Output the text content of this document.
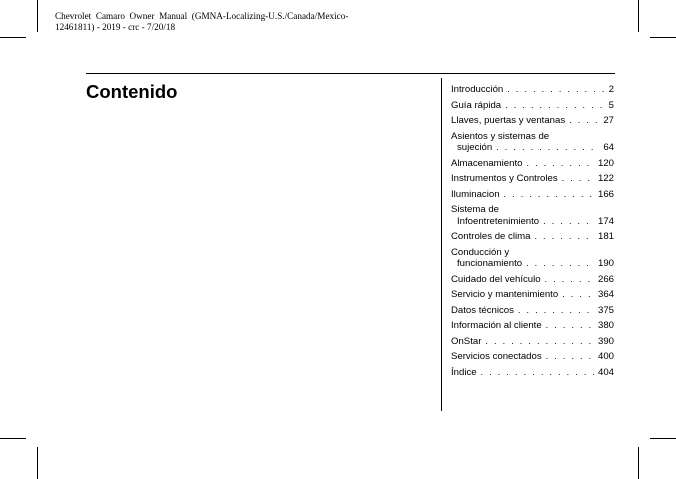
Chevrolet  Camaro  Owner  Manual  (GMNA-Localizing-U.S./Canada/Mexico-
12461811) - 2019 - crc - 7/20/18
Contenido	Introducción . . .	2
Guía rápida . . .	5
Llaves, puertas y ventanas . . .	27
Asientos y sistemas de
sujeción . . .	64
Almacenamiento . . .	120
Instrumentos y Controles . . .	122
Iluminacion . . .	166
Sistema de
Infoentretenimiento . . .	174
Controles de clima . . .	181
Conducción y
funcionamiento . . .	190
Cuidado del vehículo . . .	266
Servicio y mantenimiento . . .	364
Datos técnicos . . .	375
Información al cliente . . .	380
OnStar . . .	390
Servicios conectados . . .	400
Índice . . .	404
